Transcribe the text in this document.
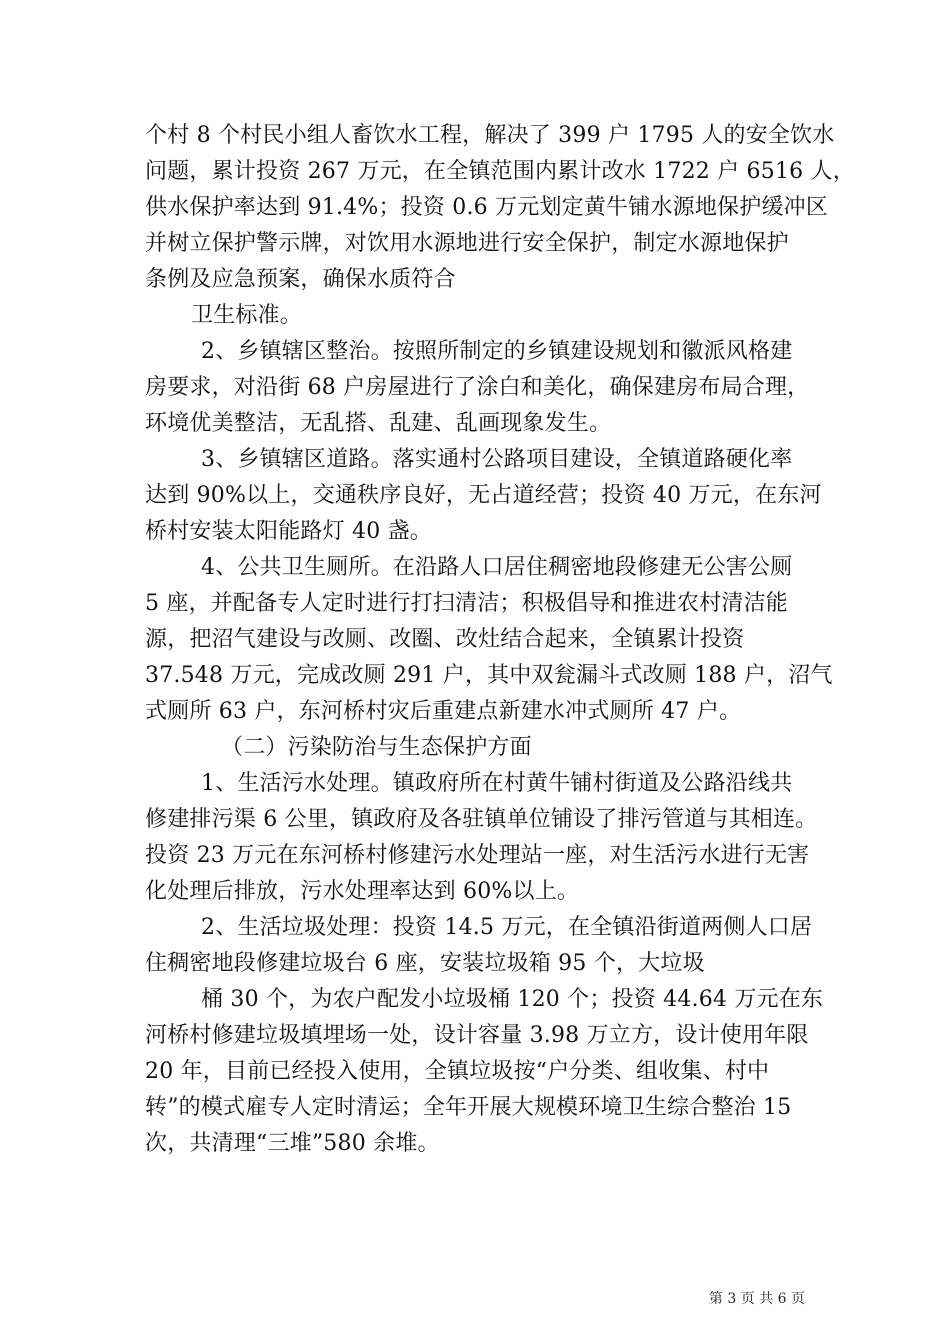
个村 8 个村民小组人畜饮水工程，解决了 399 户 1795 人的安全饮水
问题，累计投资 267 万元，在全镇范围内累计改水 1722 户 6516 人，
供水保护率达到 91.4%；投资 0.6 万元划定黄牛铺水源地保护缓冲区
并树立保护警示牌，对饮用水源地进行安全保护，制定水源地保护
条例及应急预案，确保水质符合
卫生标准。
2、乡镇辖区整治。按照所制定的乡镇建设规划和徽派风格建
房要求，对沿街 68 户房屋进行了涂白和美化，确保建房布局合理，
环境优美整洁，无乱搭、乱建、乱画现象发生。
3、乡镇辖区道路。落实通村公路项目建设，全镇道路硬化率
达到 90%以上，交通秩序良好，无占道经营；投资 40 万元，在东河
桥村安装太阳能路灯 40 盏。
4、公共卫生厕所。在沿路人口居住稠密地段修建无公害公厕
5 座，并配备专人定时进行打扫清洁；积极倡导和推进农村清洁能
源，把沼气建设与改厕、改圈、改灶结合起来，全镇累计投资
37.548 万元，完成改厕 291 户，其中双瓮漏斗式改厕 188 户，沼气
式厕所 63 户，东河桥村灾后重建点新建水冲式厕所 47 户。
（二）污染防治与生态保护方面
1、生活污水处理。镇政府所在村黄牛铺村街道及公路沿线共
修建排污渠 6 公里，镇政府及各驻镇单位铺设了排污管道与其相连。
投资 23 万元在东河桥村修建污水处理站一座，对生活污水进行无害
化处理后排放，污水处理率达到 60%以上。
2、生活垃圾处理：投资 14.5 万元，在全镇沿街道两侧人口居
住稠密地段修建垃圾台 6 座，安装垃圾箱 95 个，大垃圾
桶 30 个，为农户配发小垃圾桶 120 个；投资 44.64 万元在东
河桥村修建垃圾填埋场一处，设计容量 3.98 万立方，设计使用年限
20 年，目前已经投入使用，全镇垃圾按“户分类、组收集、村中
转”的模式雇专人定时清运；全年开展大规模环境卫生综合整治 15
次，共清理“三堆”580 余堆。
第 3 页 共 6 页
